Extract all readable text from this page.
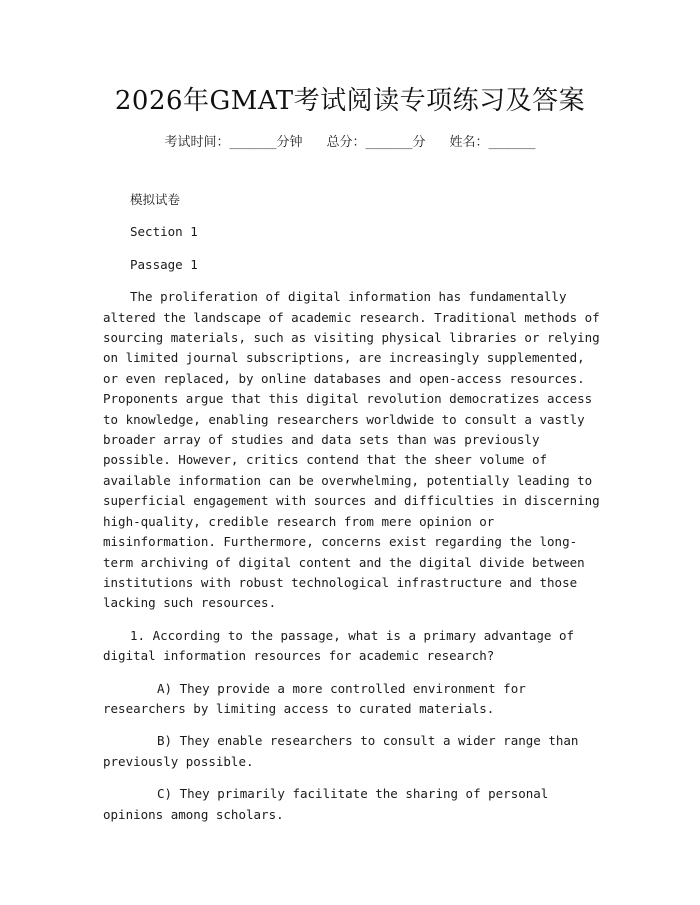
2026年GMAT考试阅读专项练习及答案
考试时间：______分钟 总分：______分 姓名：______

模拟试卷

Section 1

Passage 1

The proliferation of digital information has fundamentally altered the landscape of academic research. Traditional methods of sourcing materials, such as visiting physical libraries or relying on limited journal subscriptions, are increasingly supplemented, or even replaced, by online databases and open-access resources. Proponents argue that this digital revolution democratizes access to knowledge, enabling researchers worldwide to consult a vastly broader array of studies and data sets than was previously possible. However, critics contend that the sheer volume of available information can be overwhelming, potentially leading to superficial engagement with sources and difficulties in discerning high-quality, credible research from mere opinion or misinformation. Furthermore, concerns exist regarding the long-term archiving of digital content and the digital divide between institutions with robust technological infrastructure and those lacking such resources.

1. According to the passage, what is a primary advantage of digital information resources for academic research?

A) They provide a more controlled environment for researchers by limiting access to curated materials.

B) They enable researchers to consult a wider range than previously possible.

C) They primarily facilitate the sharing of personal opinions among scholars.
